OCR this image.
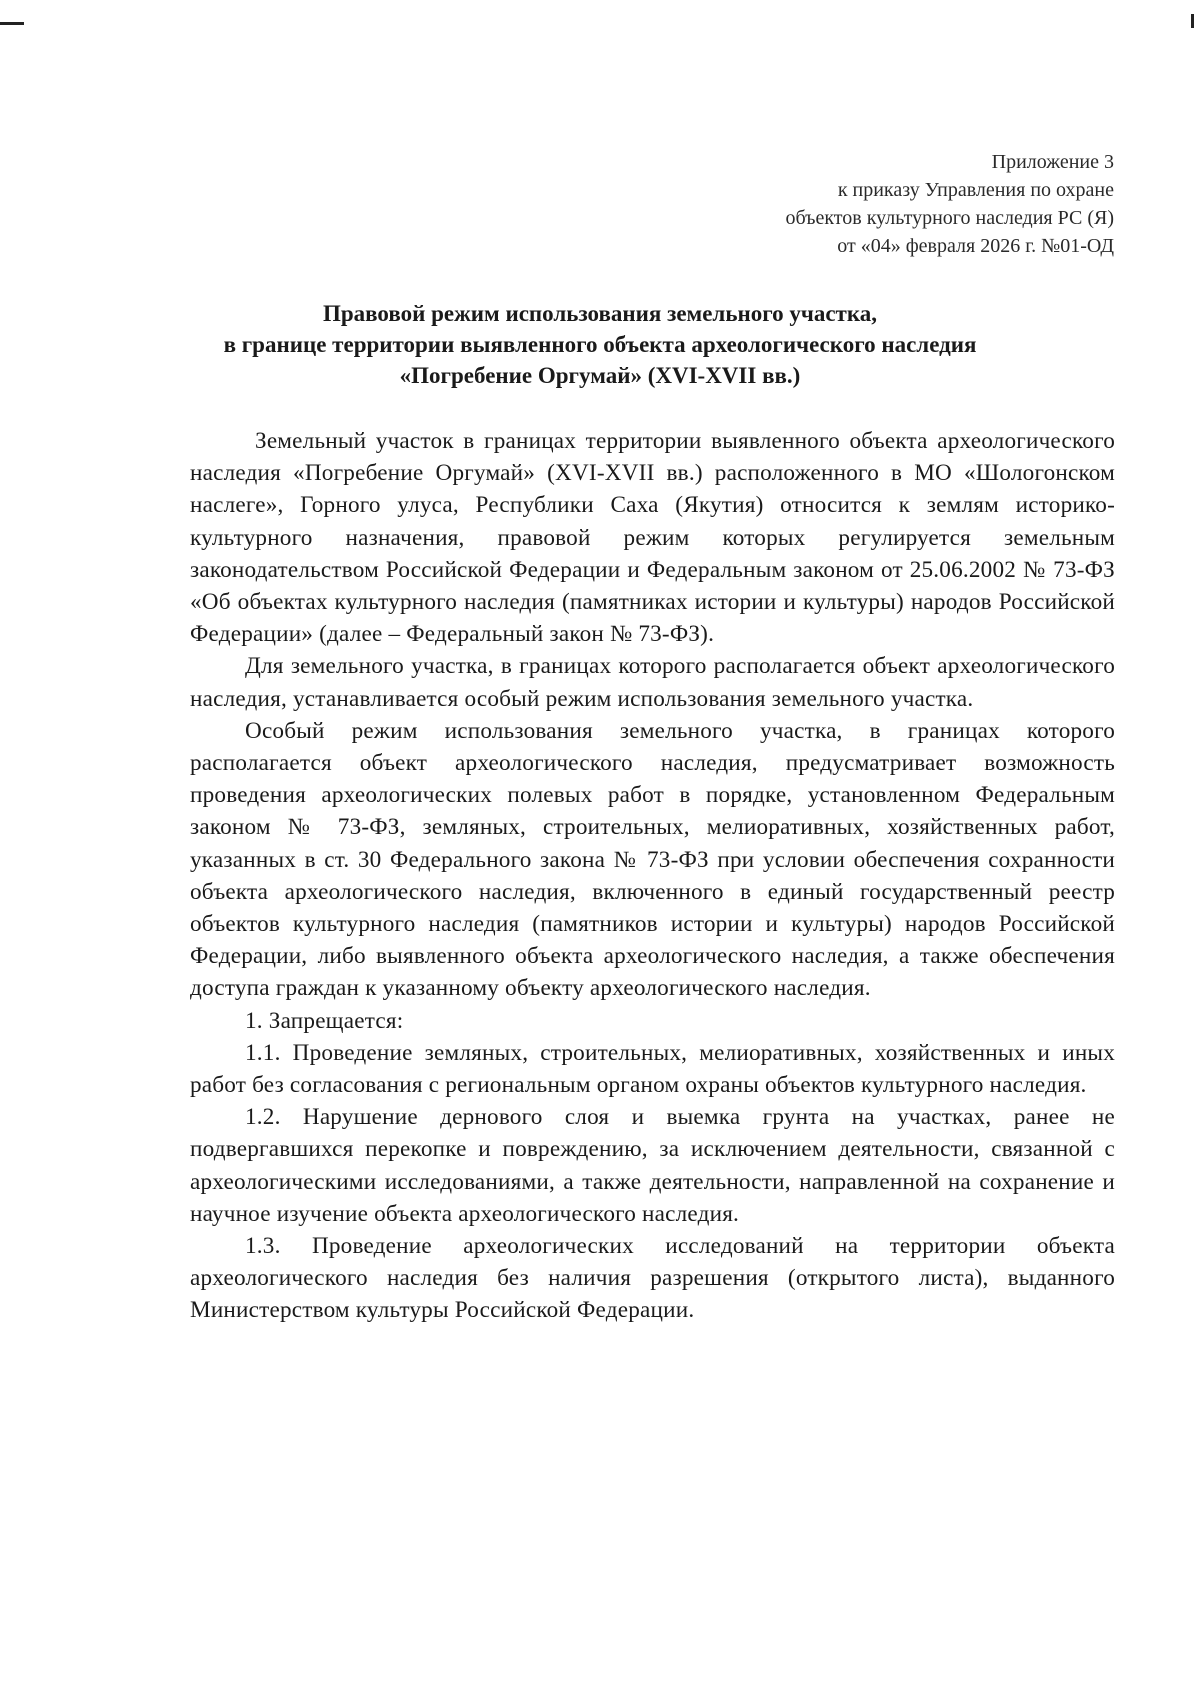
Приложение 3
к приказу Управления по охране
объектов культурного наследия РС (Я)
от «04» февраля 2026 г. №01-ОД
Правовой режим использования земельного участка,
в границе территории выявленного объекта археологического наследия
«Погребение Оргумай» (XVI-XVII вв.)

Земельный участок в границах территории выявленного объекта археологического наследия «Погребение Оргумай» (XVI-XVII вв.) расположенного в МО «Шологонском наслеге», Горного улуса, Республики Саха (Якутия) относится к землям историко-культурного назначения, правовой режим которых регулируется земельным законодательством Российской Федерации и Федеральным законом от 25.06.2002 № 73-ФЗ «Об объектах культурного наследия (памятниках истории и культуры) народов Российской Федерации» (далее – Федеральный закон № 73-ФЗ).

Для земельного участка, в границах которого располагается объект археологического наследия, устанавливается особый режим использования земельного участка.

Особый режим использования земельного участка, в границах которого располагается объект археологического наследия, предусматривает возможность проведения археологических полевых работ в порядке, установленном Федеральным законом № 73-ФЗ, земляных, строительных, мелиоративных, хозяйственных работ, указанных в ст. 30 Федерального закона № 73-ФЗ при условии обеспечения сохранности объекта археологического наследия, включенного в единый государственный реестр объектов культурного наследия (памятников истории и культуры) народов Российской Федерации, либо выявленного объекта археологического наследия, а также обеспечения доступа граждан к указанному объекту археологического наследия.

1. Запрещается:

1.1. Проведение земляных, строительных, мелиоративных, хозяйственных и иных работ без согласования с региональным органом охраны объектов культурного наследия.

1.2. Нарушение дернового слоя и выемка грунта на участках, ранее не подвергавшихся перекопке и повреждению, за исключением деятельности, связанной с археологическими исследованиями, а также деятельности, направленной на сохранение и научное изучение объекта археологического наследия.

1.3. Проведение археологических исследований на территории объекта археологического наследия без наличия разрешения (открытого листа), выданного Министерством культуры Российской Федерации.
